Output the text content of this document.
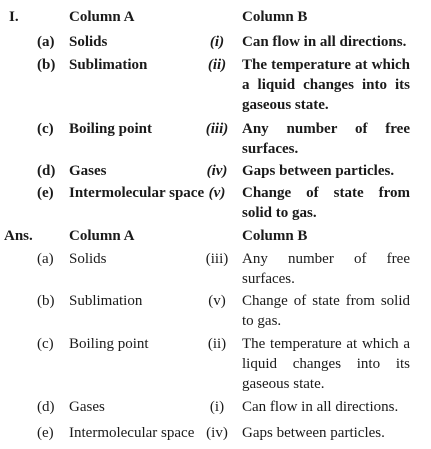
I.	Column A	Column B
(a) Solids	(i)	Can flow in all directions.
(b) Sublimation	(ii)	The temperature at which a liquid changes into its gaseous state.
(c) Boiling point	(iii) Any number of free surfaces.
(d) Gases	(iv) Gaps between particles.
(e) Intermolecular space (v)	Change of state from solid to gas.
Ans. Column A	Column B
(a) Solids	(iii) Any number of free surfaces.
(b) Sublimation	(v)	Change of state from solid to gas.
(c) Boiling point	(ii)	The temperature at which a liquid changes into its gaseous state.
(d) Gases	(i)	Can flow in all directions.
(e) Intermolecular space (iv) Gaps between particles.
